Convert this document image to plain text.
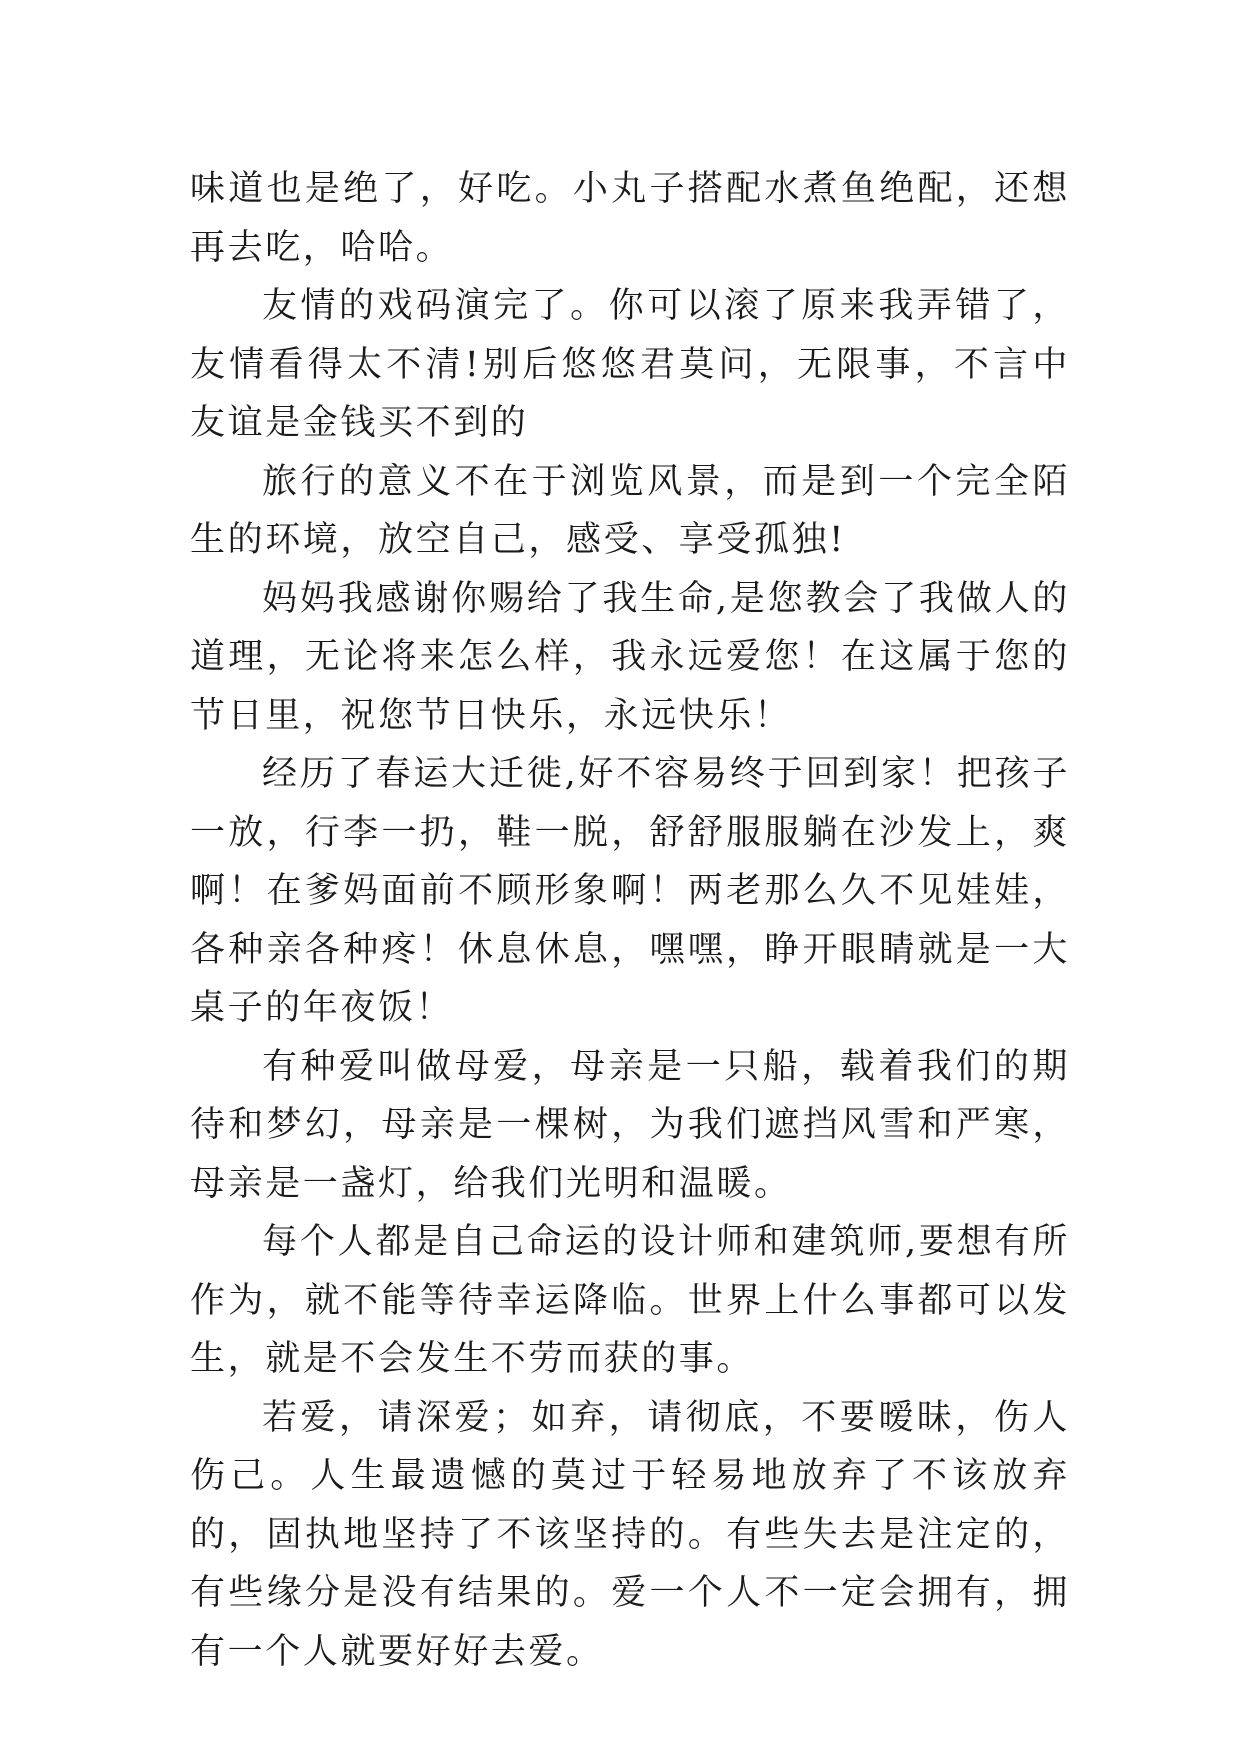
味道也是绝了，好吃。小丸子搭配水煮鱼绝配，还想再去吃，哈哈。

友情的戏码演完了。你可以滚了原来我弄错了，友情看得太不清!别后悠悠君莫问，无限事，不言中友谊是金钱买不到的

旅行的意义不在于浏览风景，而是到一个完全陌生的环境，放空自己，感受、享受孤独!

妈妈我感谢你赐给了我生命,是您教会了我做人的道理，无论将来怎么样，我永远爱您！在这属于您的节日里，祝您节日快乐，永远快乐！

经历了春运大迁徙,好不容易终于回到家！把孩子一放，行李一扔，鞋一脱，舒舒服服躺在沙发上，爽啊！在爹妈面前不顾形象啊！两老那么久不见娃娃，各种亲各种疼！休息休息，嘿嘿，睁开眼睛就是一大桌子的年夜饭！

有种爱叫做母爱，母亲是一只船，载着我们的期待和梦幻，母亲是一棵树，为我们遮挡风雪和严寒，母亲是一盏灯，给我们光明和温暖。

每个人都是自己命运的设计师和建筑师,要想有所作为，就不能等待幸运降临。世界上什么事都可以发生，就是不会发生不劳而获的事。

若爱，请深爱；如弃，请彻底，不要暧昧，伤人伤己。人生最遗憾的莫过于轻易地放弃了不该放弃的，固执地坚持了不该坚持的。有些失去是注定的，有些缘分是没有结果的。爱一个人不一定会拥有，拥有一个人就要好好去爱。
